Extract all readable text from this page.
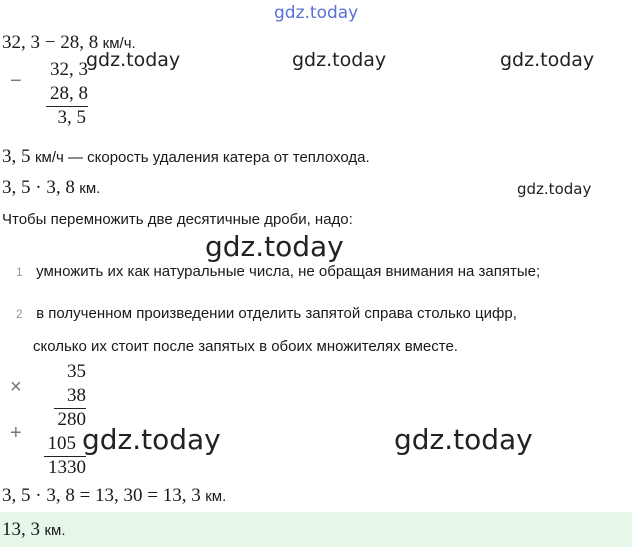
gdz.today
32, 3 − 28, 8 км/ч.
−
32, 3
28, 8
3, 5
gdz.today	gdz.today	gdz.today
3, 5 км/ч — скорость удаления катера от теплохода.
3, 5 · 3, 8 км.	gdz.today
Чтобы перемножить две десятичные дроби, надо:
gdz.today
1 умножить их как натуральные числа, не обращая внимания на запятые;
2 в полученном произведении отделить запятой справа столько цифр,
сколько их стоит после запятых в обоих множителях вместе.
×
35
38
280
+ 105
1330
gdz.today	gdz.today
3, 5 · 3, 8 = 13, 30 = 13, 3 км.
13, 3 км.
